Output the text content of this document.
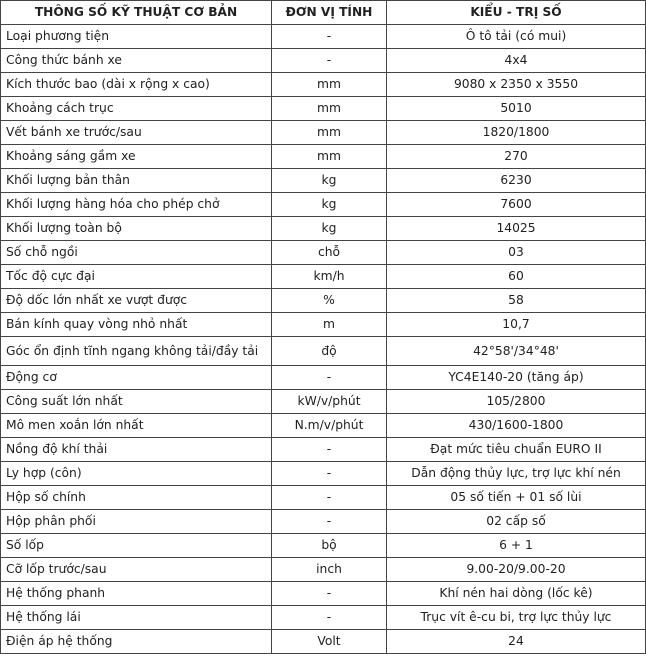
THÔNG SỐ KỸ THUẬT CƠ BẢN	ĐƠN VỊ TÍNH	KIỂU - TRỊ SỐ
Loại phương tiện	-	Ô tô tải (có mui)
Công thức bánh xe	-	4x4
Kích thước bao (dài x rộng x cao)	mm	9080 x 2350 x 3550
Khoảng cách trục	mm	5010
Vết bánh xe trước/sau	mm	1820/1800
Khoảng sáng gầm xe	mm	270
Khối lượng bản thân	kg	6230
Khối lượng hàng hóa cho phép chở	kg	7600
Khối lượng toàn bộ	kg	14025
Số chỗ ngồi	chỗ	03
Tốc độ cực đại	km/h	60
Độ dốc lớn nhất xe vượt được	%	58
Bán kính quay vòng nhỏ nhất	m	10,7
Góc ổn định tĩnh ngang không tải/đầy tải	độ	42°58'/34°48'
Động cơ	-	YC4E140-20 (tăng áp)
Công suất lớn nhất	kW/v/phút	105/2800
Mô men xoắn lớn nhất	N.m/v/phút	430/1600-1800
Nồng độ khí thải	-	Đạt mức tiêu chuẩn EURO II
Ly hợp (côn)	-	Dẫn động thủy lực, trợ lực khí nén
Hộp số chính	-	05 số tiến + 01 số lùi
Hộp phân phối	-	02 cấp số
Số lốp	bộ	6 + 1
Cỡ lốp trước/sau	inch	9.00-20/9.00-20
Hệ thống phanh	-	Khí nén hai dòng (lốc kê)
Hệ thống lái	-	Trục vít ê-cu bi, trợ lực thủy lực
Điện áp hệ thống	Volt	24
